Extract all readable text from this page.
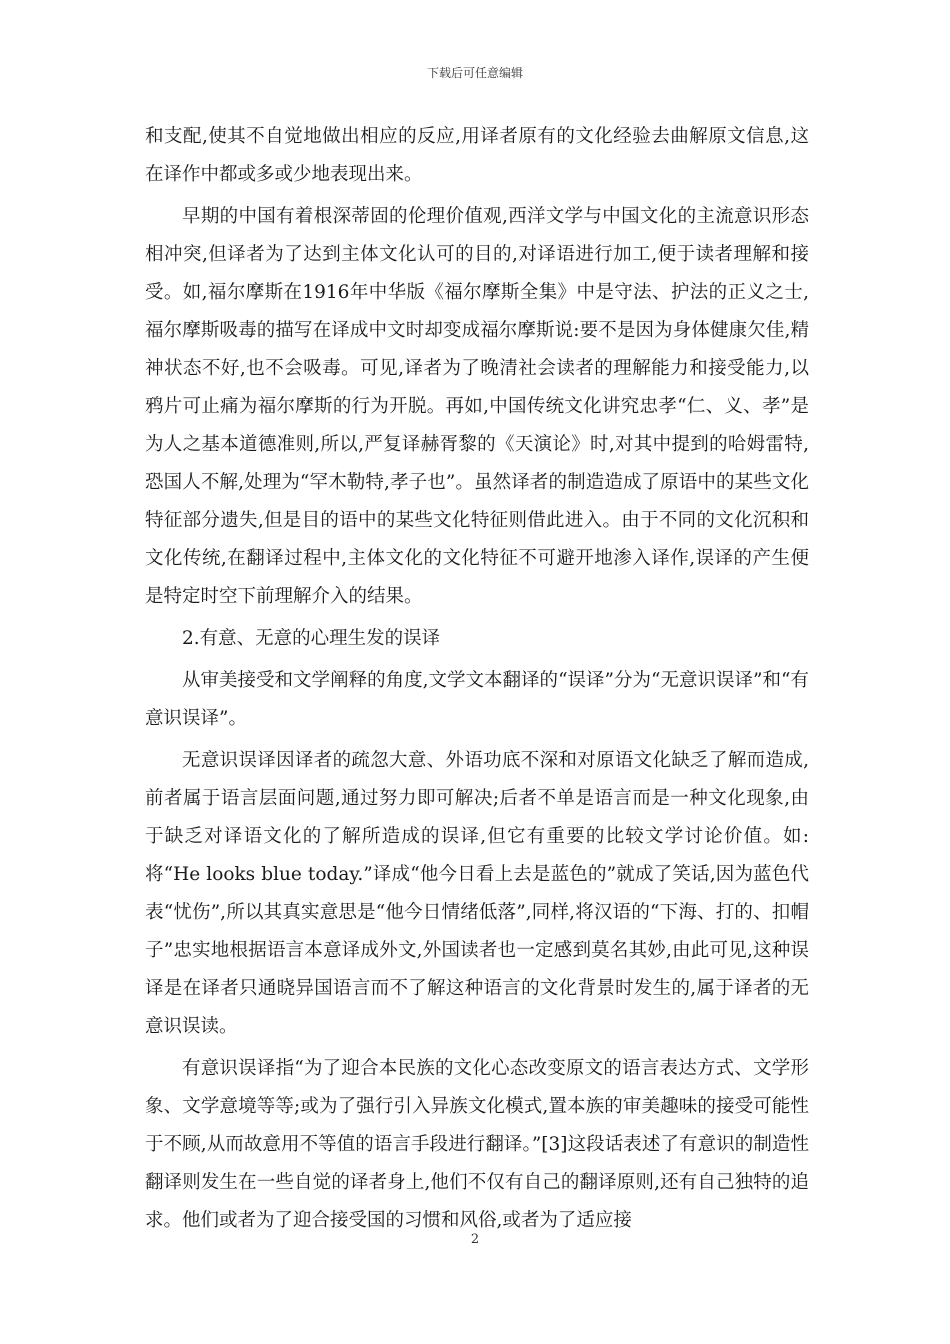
下载后可任意编辑

和支配,使其不自觉地做出相应的反应,用译者原有的文化经验去曲解原文信息,这在译作中都或多或少地表现出来。

早期的中国有着根深蒂固的伦理价值观,西洋文学与中国文化的主流意识形态相冲突,但译者为了达到主体文化认可的目的,对译语进行加工,便于读者理解和接受。如,福尔摩斯在1916年中华版《福尔摩斯全集》中是守法、护法的正义之士,福尔摩斯吸毒的描写在译成中文时却变成福尔摩斯说:要不是因为身体健康欠佳,精神状态不好,也不会吸毒。可见,译者为了晚清社会读者的理解能力和接受能力,以鸦片可止痛为福尔摩斯的行为开脱。再如,中国传统文化讲究忠孝“仁、义、孝”是为人之基本道德准则,所以,严复译赫胥黎的《天演论》时,对其中提到的哈姆雷特,恐国人不解,处理为“罕木勒特,孝子也”。虽然译者的制造造成了原语中的某些文化特征部分遗失,但是目的语中的某些文化特征则借此进入。由于不同的文化沉积和文化传统,在翻译过程中,主体文化的文化特征不可避开地渗入译作,误译的产生便是特定时空下前理解介入的结果。

2.有意、无意的心理生发的误译

从审美接受和文学阐释的角度,文学文本翻译的“误译”分为“无意识误译”和“有意识误译”。

无意识误译因译者的疏忽大意、外语功底不深和对原语文化缺乏了解而造成,前者属于语言层面问题,通过努力即可解决;后者不单是语言而是一种文化现象,由于缺乏对译语文化的了解所造成的误译,但它有重要的比较文学讨论价值。如:将“He looks blue today.”译成“他今日看上去是蓝色的”就成了笑话,因为蓝色代表“忧伤”,所以其真实意思是“他今日情绪低落”,同样,将汉语的“下海、打的、扣帽子”忠实地根据语言本意译成外文,外国读者也一定感到莫名其妙,由此可见,这种误译是在译者只通晓异国语言而不了解这种语言的文化背景时发生的,属于译者的无意识误读。

有意识误译指“为了迎合本民族的文化心态改变原文的语言表达方式、文学形象、文学意境等等;或为了强行引入异族文化模式,置本族的审美趣味的接受可能性于不顾,从而故意用不等值的语言手段进行翻译。”[3]这段话表述了有意识的制造性翻译则发生在一些自觉的译者身上,他们不仅有自己的翻译原则,还有自己独特的追求。他们或者为了迎合接受国的习惯和风俗,或者为了适应接

2
